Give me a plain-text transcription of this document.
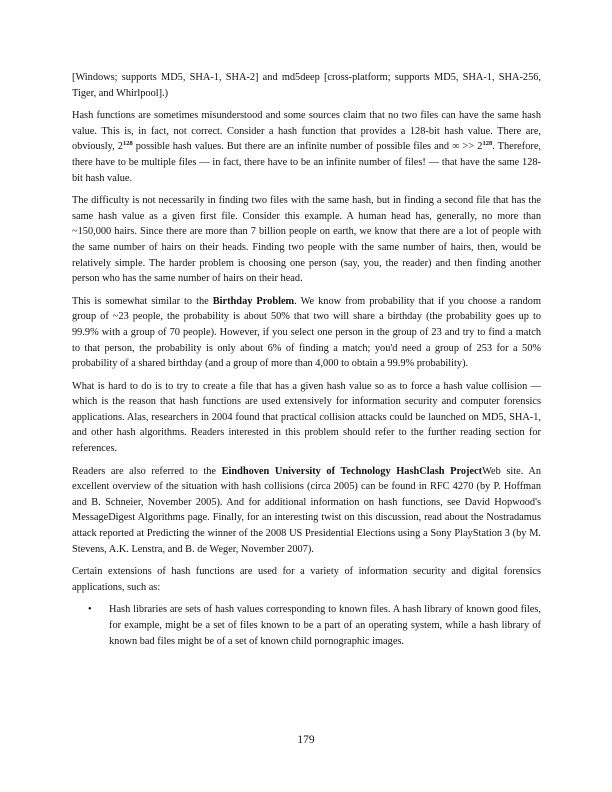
[Windows; supports MD5, SHA-1, SHA-2] and md5deep [cross-platform; supports MD5, SHA-1, SHA-256, Tiger, and Whirlpool].)

Hash functions are sometimes misunderstood and some sources claim that no two files can have the same hash value. This is, in fact, not correct. Consider a hash function that provides a 128-bit hash value. There are, obviously, $2^{128}$ possible hash values. But there are an infinite number of possible files and ∞ >> $2^{128}$. Therefore, there have to be multiple files — in fact, there have to be an infinite number of files! — that have the same 128-bit hash value.

The difficulty is not necessarily in finding two files with the same hash, but in finding a second file that has the same hash value as a given first file. Consider this example. A human head has, generally, no more than ~150,000 hairs. Since there are more than 7 billion people on earth, we know that there are a lot of people with the same number of hairs on their heads. Finding two people with the same number of hairs, then, would be relatively simple. The harder problem is choosing one person (say, you, the reader) and then finding another person who has the same number of hairs on their head.

This is somewhat similar to the Birthday Problem. We know from probability that if you choose a random group of ~23 people, the probability is about 50% that two will share a birthday (the probability goes up to 99.9% with a group of 70 people). However, if you select one person in the group of 23 and try to find a match to that person, the probability is only about 6% of finding a match; you'd need a group of 253 for a 50% probability of a shared birthday (and a group of more than 4,000 to obtain a 99.9% probability).

What is hard to do is to try to create a file that has a given hash value so as to force a hash value collision — which is the reason that hash functions are used extensively for information security and computer forensics applications. Alas, researchers in 2004 found that practical collision attacks could be launched on MD5, SHA-1, and other hash algorithms. Readers interested in this problem should refer to the further reading section for references.

Readers are also referred to the Eindhoven University of Technology HashClash ProjectWeb site. An excellent overview of the situation with hash collisions (circa 2005) can be found in RFC 4270 (by P. Hoffman and B. Schneier, November 2005). And for additional information on hash functions, see David Hopwood's MessageDigest Algorithms page. Finally, for an interesting twist on this discussion, read about the Nostradamus attack reported at Predicting the winner of the 2008 US Presidential Elections using a Sony PlayStation 3 (by M. Stevens, A.K. Lenstra, and B. de Weger, November 2007).

Certain extensions of hash functions are used for a variety of information security and digital forensics applications, such as:

• Hash libraries are sets of hash values corresponding to known files. A hash library of known good files, for example, might be a set of files known to be a part of an operating system, while a hash library of known bad files might be of a set of known child pornographic images.
179
